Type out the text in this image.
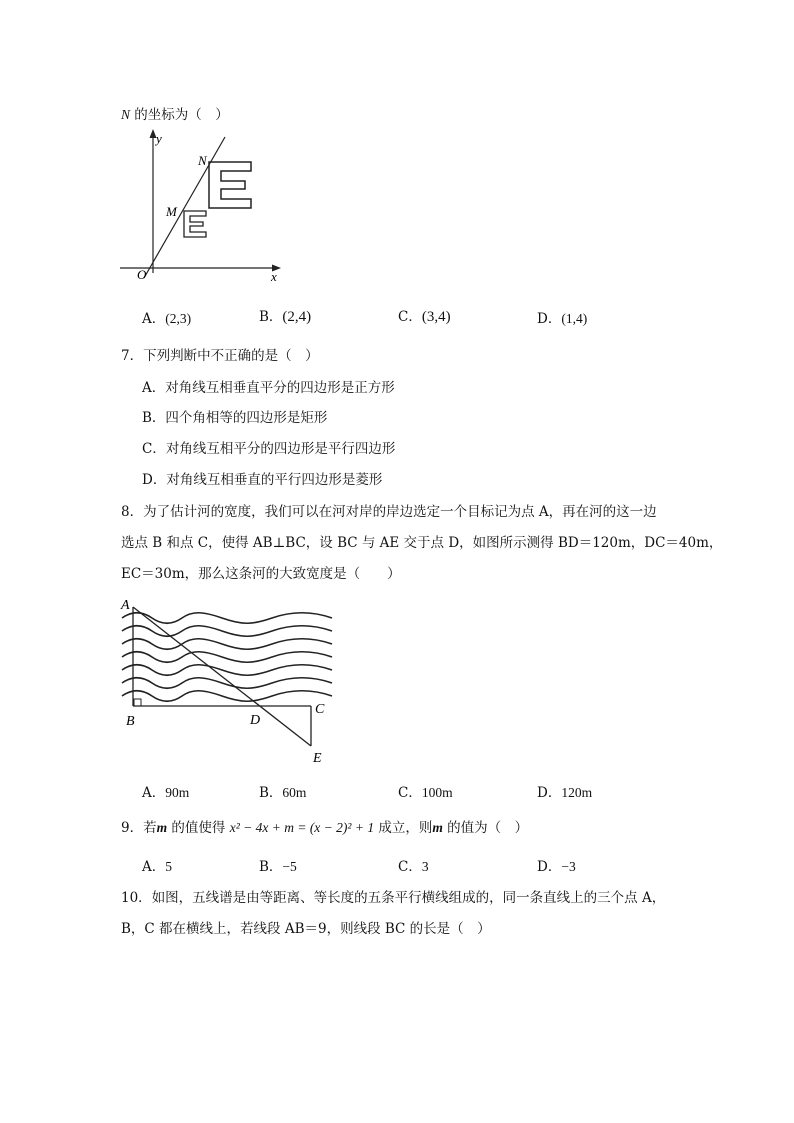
N 的坐标为（　）
y
x
O
M
N
A．(2,3)	B．(2,4)	C．(3,4)	D．(1,4)
7．下列判断中不正确的是（　）
A．对角线互相垂直平分的四边形是正方形
B．四个角相等的四边形是矩形
C．对角线互相平分的四边形是平行四边形
D．对角线互相垂直的平行四边形是菱形
8．为了估计河的宽度，我们可以在河对岸的岸边选定一个目标记为点 A，再在河的这一边
选点 B 和点 C，使得 AB⊥BC，设 BC 与 AE 交于点 D，如图所示测得 BD＝120m，DC＝40m，
EC＝30m，那么这条河的大致宽度是（　　）
A
B
C
D
E
A．90m	B．60m	C．100m	D．120m
9．若m 的值使得 x² − 4x + m = (x − 2)² + 1 成立，则m 的值为（　）
A．5	B．−5	C．3	D．−3
10．如图，五线谱是由等距离、等长度的五条平行横线组成的，同一条直线上的三个点 A，
B，C 都在横线上，若线段 AB＝9，则线段 BC 的长是（　）
